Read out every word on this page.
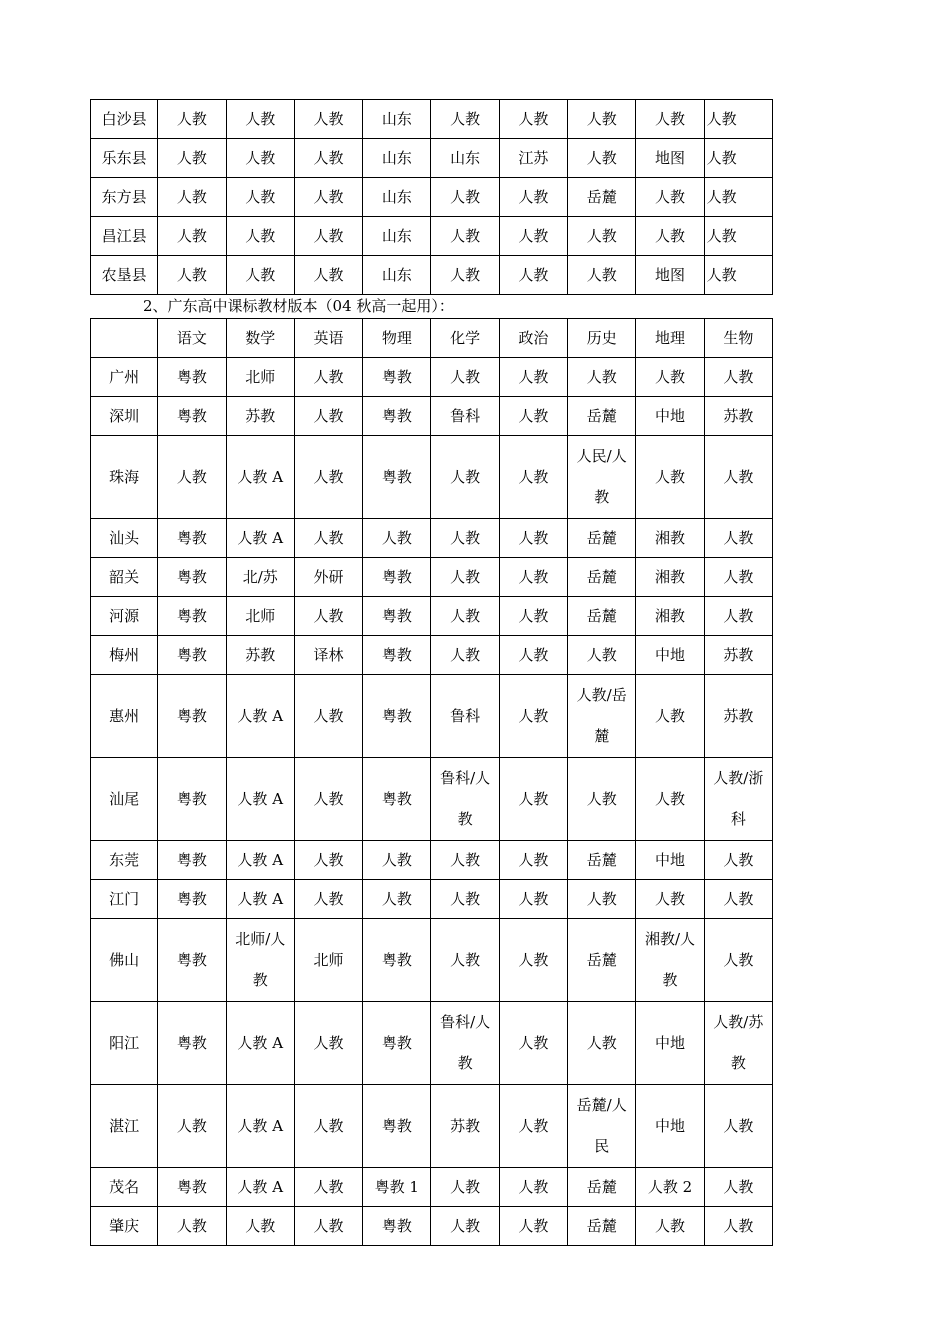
白沙县	人教	人教	人教	山东	人教	人教	人教	人教	人教
乐东县	人教	人教	人教	山东	山东	江苏	人教	地图	人教
东方县	人教	人教	人教	山东	人教	人教	岳麓	人教	人教
昌江县	人教	人教	人教	山东	人教	人教	人教	人教	人教
农垦县	人教	人教	人教	山东	人教	人教	人教	地图	人教
2、广东高中课标教材版本（04 秋高一起用）：
	语文	数学	英语	物理	化学	政治	历史	地理	生物
广州	粤教	北师	人教	粤教	人教	人教	人教	人教	人教
深圳	粤教	苏教	人教	粤教	鲁科	人教	岳麓	中地	苏教
珠海	人教	人教 A	人教	粤教	人教	人教	人民/人教	人教	人教
汕头	粤教	人教 A	人教	人教	人教	人教	岳麓	湘教	人教
韶关	粤教	北/苏	外研	粤教	人教	人教	岳麓	湘教	人教
河源	粤教	北师	人教	粤教	人教	人教	岳麓	湘教	人教
梅州	粤教	苏教	译林	粤教	人教	人教	人教	中地	苏教
惠州	粤教	人教 A	人教	粤教	鲁科	人教	人教/岳麓	人教	苏教
汕尾	粤教	人教 A	人教	粤教	鲁科/人教	人教	人教	人教	人教/浙科
东莞	粤教	人教 A	人教	人教	人教	人教	岳麓	中地	人教
江门	粤教	人教 A	人教	人教	人教	人教	人教	人教	人教
佛山	粤教	北师/人教	北师	粤教	人教	人教	岳麓	湘教/人教	人教
阳江	粤教	人教 A	人教	粤教	鲁科/人教	人教	人教	中地	人教/苏教
湛江	人教	人教 A	人教	粤教	苏教	人教	岳麓/人民	中地	人教
茂名	粤教	人教 A	人教	粤教 1	人教	人教	岳麓	人教 2	人教
肇庆	人教	人教	人教	粤教	人教	人教	岳麓	人教	人教
